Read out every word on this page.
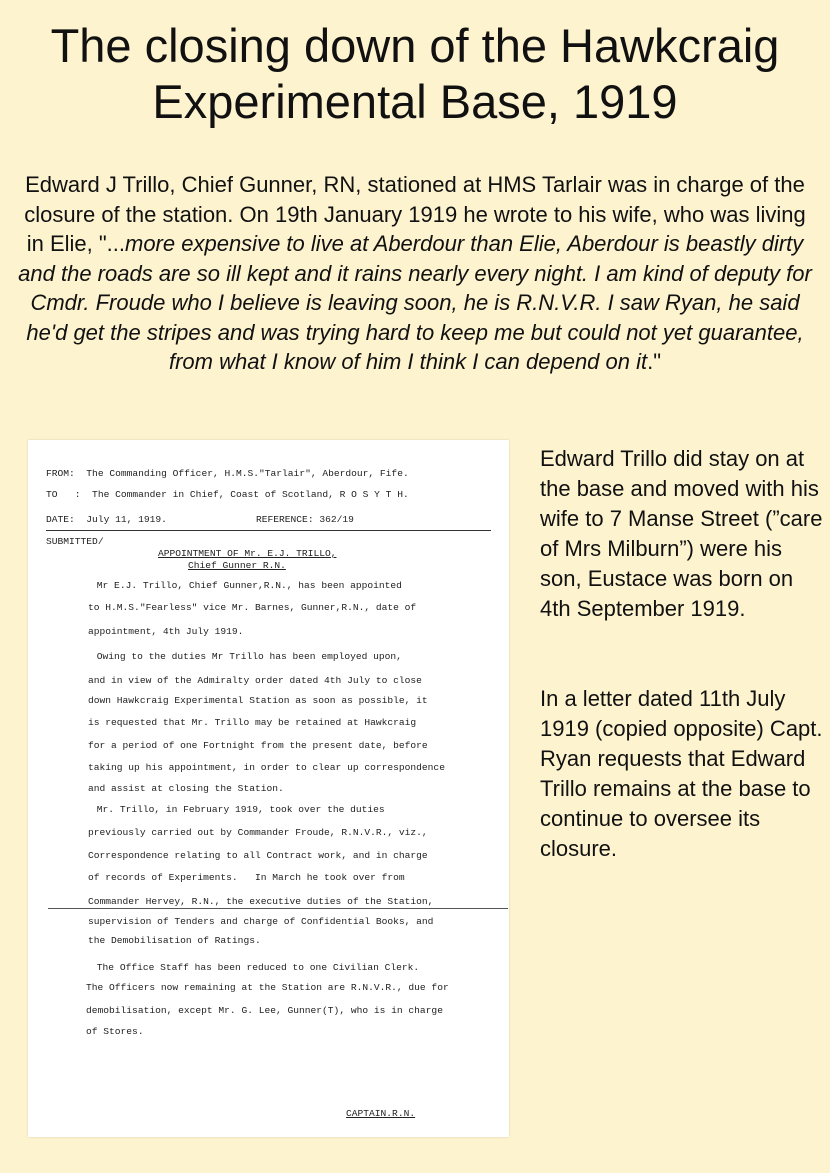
The closing down of the Hawkcraig
Experimental Base, 1919
Edward J Trillo, Chief Gunner, RN, stationed at HMS Tarlair was in charge of the closure of the station. On 19th January 1919 he wrote to his wife, who was living in Elie, "...more expensive to live at Aberdour than Elie, Aberdour is beastly dirty and the roads are so ill kept and it rains nearly every night. I am kind of deputy for Cmdr. Froude who I believe is leaving soon, he is R.N.V.R. I saw Ryan, he said he'd get the stripes and was trying hard to keep me but could not yet guarantee, from what I know of him I think I can depend on it."
FROM:  The Commanding Officer, H.M.S."Tarlair", Aberdour, Fife.
TO   :  The Commander in Chief, Coast of Scotland, R O S Y T H.
DATE:  July 11, 1919.	REFERENCE: 362/19
SUBMITTED/
APPOINTMENT OF Mr. E.J. TRILLO,
Chief Gunner R.N.
Mr E.J. Trillo, Chief Gunner,R.N., has been appointed
to H.M.S."Fearless" vice Mr. Barnes, Gunner,R.N., date of
appointment, 4th July 1919.
Owing to the duties Mr Trillo has been employed upon,
and in view of the Admiralty order dated 4th July to close
down Hawkcraig Experimental Station as soon as possible, it
is requested that Mr. Trillo may be retained at Hawkcraig
for a period of one Fortnight from the present date, before
taking up his appointment, in order to clear up correspondence
and assist at closing the Station.
Mr. Trillo, in February 1919, took over the duties
previously carried out by Commander Froude, R.N.V.R., viz.,
Correspondence relating to all Contract work, and in charge
of records of Experiments.   In March he took over from
Commander Hervey, R.N., the executive duties of the Station,
supervision of Tenders and charge of Confidential Books, and
the Demobilisation of Ratings.
The Office Staff has been reduced to one Civilian Clerk.
The Officers now remaining at the Station are R.N.V.R., due for
demobilisation, except Mr. G. Lee, Gunner(T), who is in charge
of Stores.
CAPTAIN.R.N.
Edward Trillo did stay on at the base and moved with his wife to 7 Manse Street (”care of Mrs Milburn”) were his son, Eustace was born on 4th September 1919.
In a letter dated 11th July 1919 (copied opposite) Capt. Ryan requests that Edward Trillo remains at the base to continue to oversee its closure.
